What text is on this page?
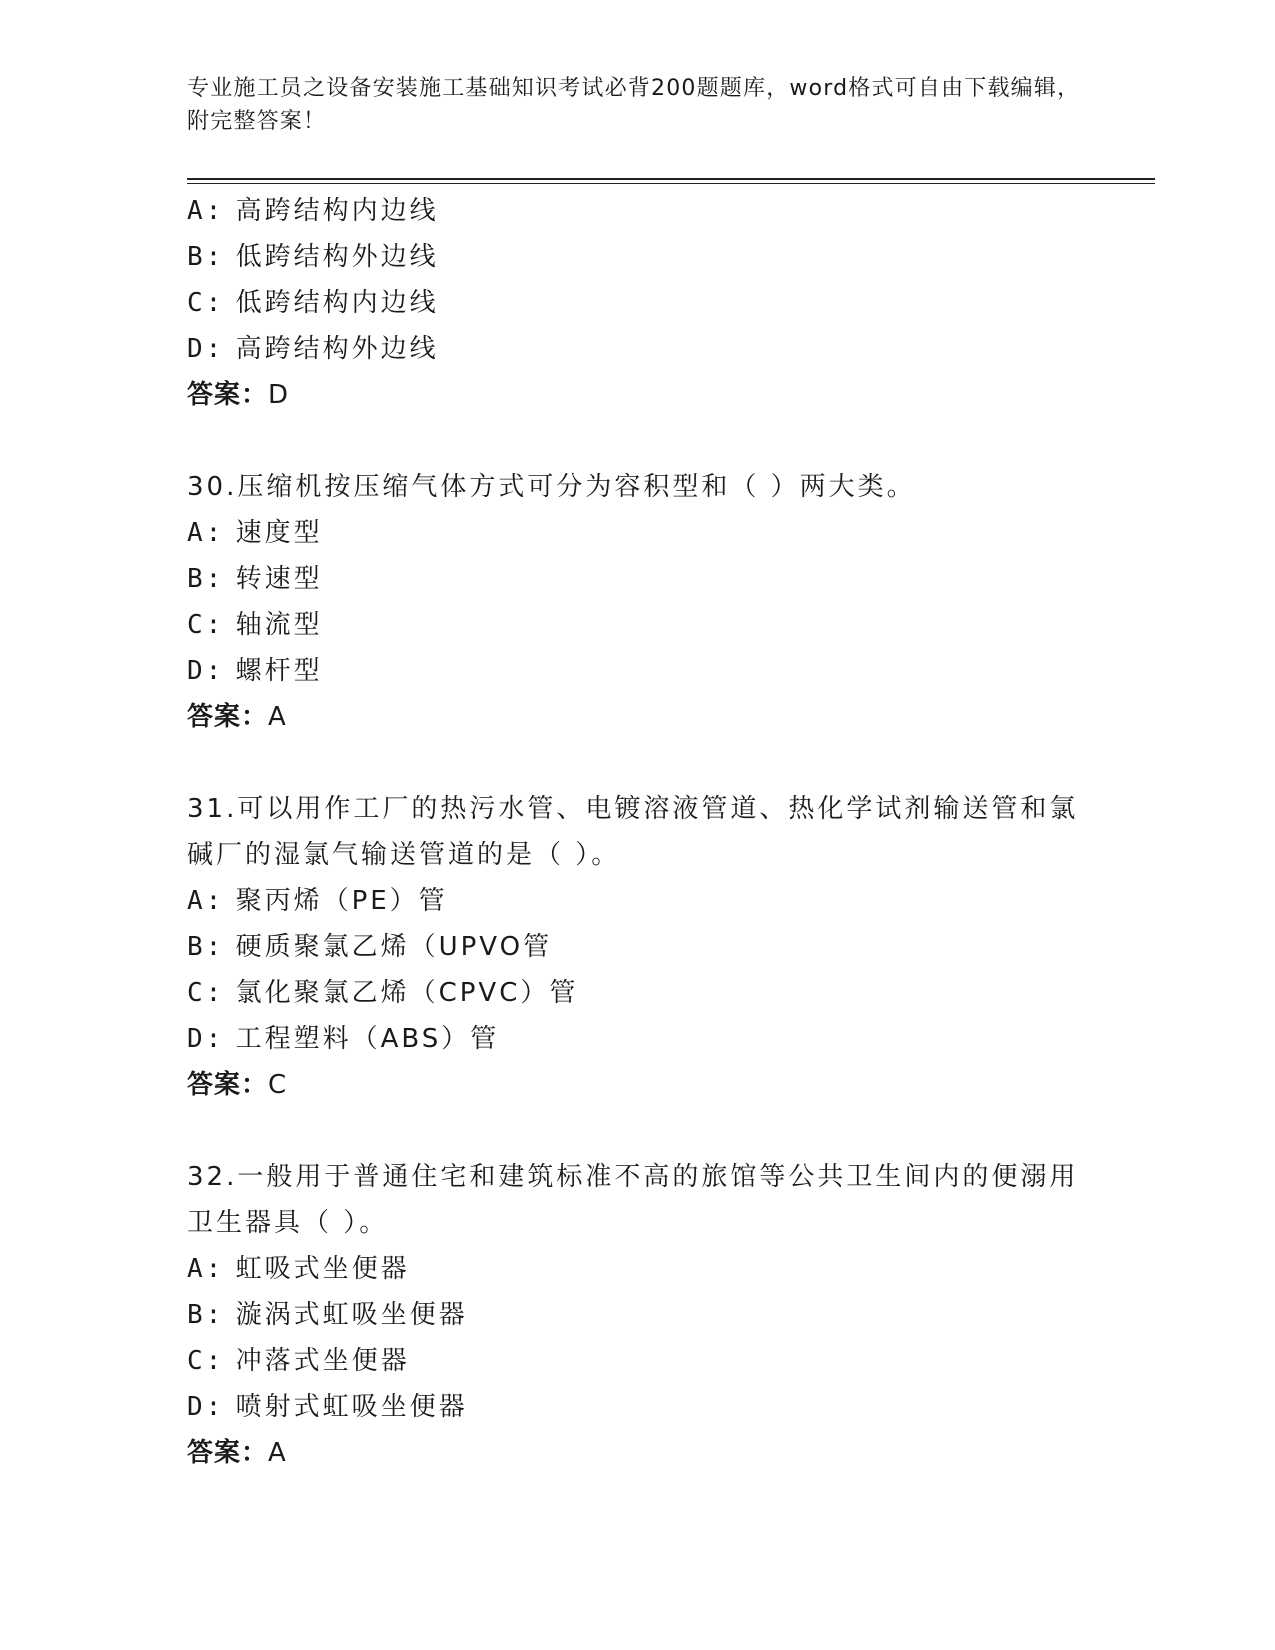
专业施工员之设备安装施工基础知识考试必背200题题库，word格式可自由下载编辑，附完整答案！
A: 高跨结构内边线
B: 低跨结构外边线
C: 低跨结构内边线
D: 高跨结构外边线
答案：D
30.压缩机按压缩气体方式可分为容积型和（ ）两大类。
A: 速度型
B: 转速型
C: 轴流型
D: 螺杆型
答案：A
31.可以用作工厂的热污水管、电镀溶液管道、热化学试剂输送管和氯碱厂的湿氯气输送管道的是（ ）。
A: 聚丙烯（PE）管
B: 硬质聚氯乙烯（UPVO管
C: 氯化聚氯乙烯（CPVC）管
D: 工程塑料（ABS）管
答案：C
32.一般用于普通住宅和建筑标准不高的旅馆等公共卫生间内的便溺用卫生器具（ ）。
A: 虹吸式坐便器
B: 漩涡式虹吸坐便器
C: 冲落式坐便器
D: 喷射式虹吸坐便器
答案：A
